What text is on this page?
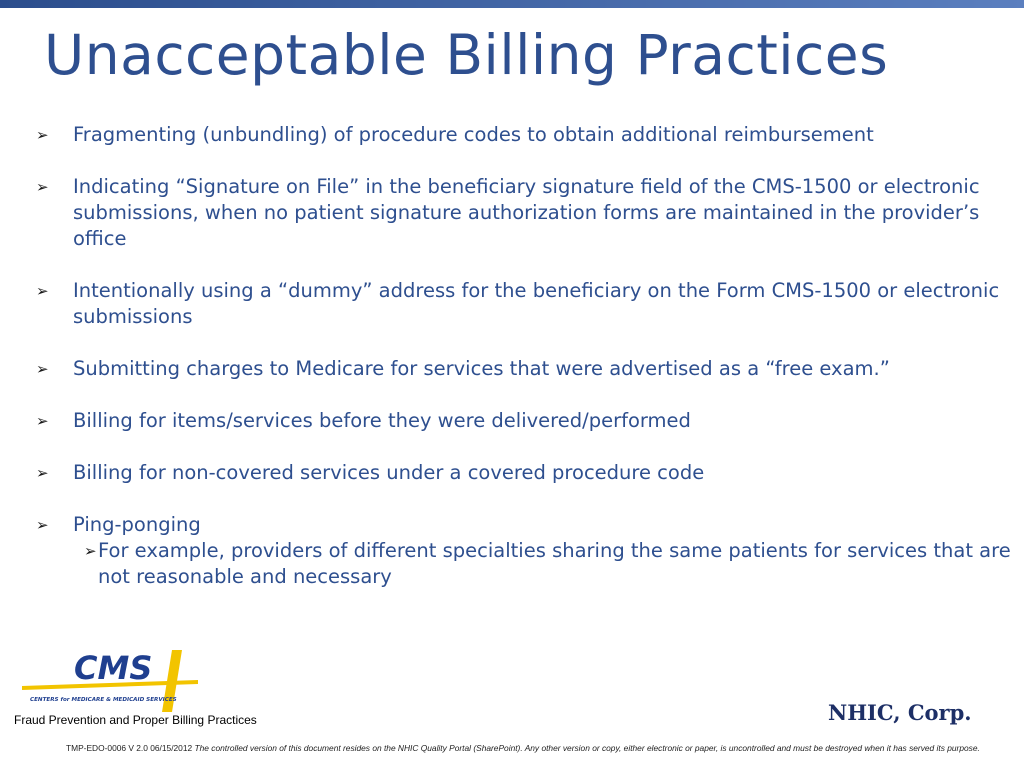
Unacceptable Billing Practices
➢ Fragmenting (unbundling) of procedure codes to obtain additional reimbursement
➢ Indicating “Signature on File” in the beneficiary signature field of the CMS-1500 or electronic submissions, when no patient signature authorization forms are maintained in the provider’s office
➢ Intentionally using a “dummy” address for the beneficiary on the Form CMS-1500 or electronic submissions
➢ Submitting charges to Medicare for services that were advertised as a “free exam.”
➢ Billing for items/services before they were delivered/performed
➢ Billing for non-covered services under a covered procedure code
➢ Ping-ponging
➢ For example, providers of different specialties sharing the same patients for services that are not reasonable and necessary
CMS
CENTERS for MEDICARE & MEDICAID SERVICES
Fraud Prevention and Proper Billing Practices	NHIC, Corp.
TMP-EDO-0006 V 2.0 06/15/2012 The controlled version of this document resides on the NHIC Quality Portal (SharePoint). Any other version or copy, either electronic or paper, is uncontrolled and must be destroyed when it has served its purpose.
